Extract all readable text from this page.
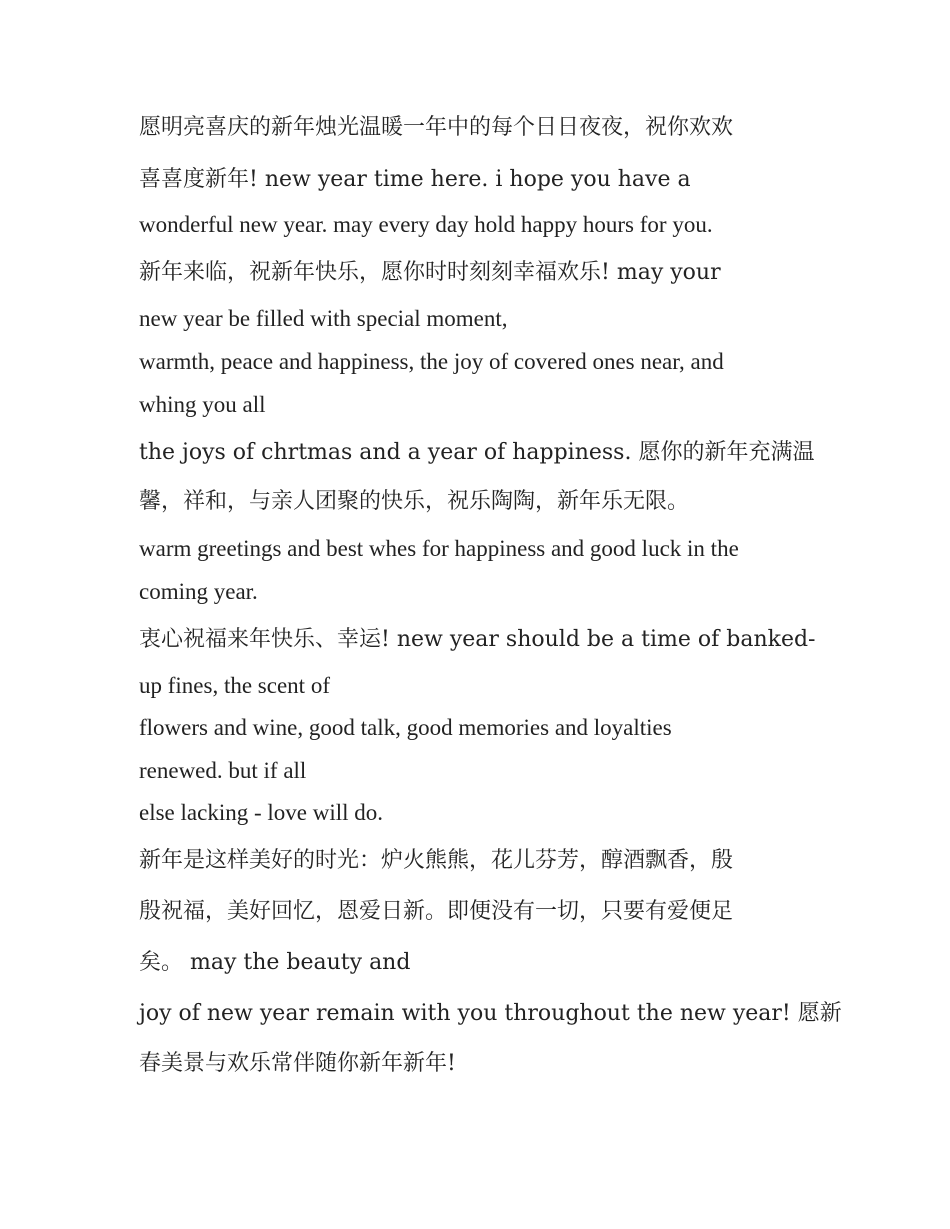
愿明亮喜庆的新年烛光温暖一年中的每个日日夜夜，祝你欢欢
喜喜度新年! new year time here. i hope you have a
wonderful new year. may every day hold happy hours for you.
新年来临，祝新年快乐，愿你时时刻刻幸福欢乐! may your
new year be filled with special moment,
warmth, peace and happiness, the joy of covered ones near, and
whing you all
the joys of chrtmas and a year of happiness. 愿你的新年充满温
馨，祥和，与亲人团聚的快乐，祝乐陶陶，新年乐无限。
warm greetings and best whes for happiness and good luck in the
coming year.
衷心祝福来年快乐、幸运! new year should be a time of banked-
up fines, the scent of
flowers and wine, good talk, good memories and loyalties
renewed. but if all
else lacking - love will do.
新年是这样美好的时光：炉火熊熊，花儿芬芳，醇酒飘香，殷
殷祝福，美好回忆，恩爱日新。即便没有一切，只要有爱便足
矣。 may the beauty and
joy of new year remain with you throughout the new year! 愿新
春美景与欢乐常伴随你新年新年!
